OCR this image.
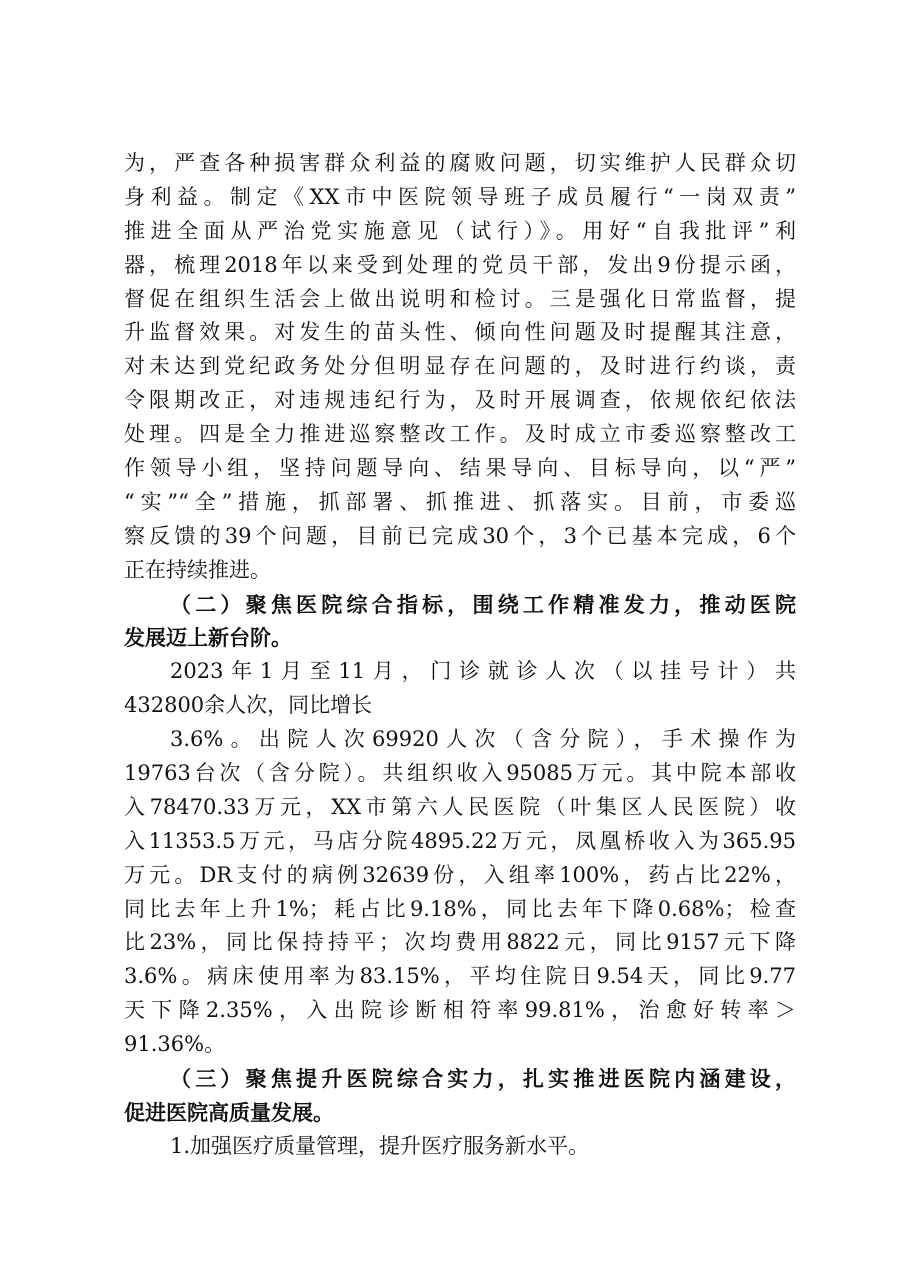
为，严查各种损害群众利益的腐败问题，切实维护人民群众切
身利益。制定《XX市中医院领导班子成员履行“一岗双责”
推进全面从严治党实施意见（试行）》。用好“自我批评”利
器，梳理2018年以来受到处理的党员干部，发出9份提示函，
督促在组织生活会上做出说明和检讨。三是强化日常监督，提
升监督效果。对发生的苗头性、倾向性问题及时提醒其注意，
对未达到党纪政务处分但明显存在问题的，及时进行约谈，责
令限期改正，对违规违纪行为，及时开展调查，依规依纪依法
处理。四是全力推进巡察整改工作。及时成立市委巡察整改工
作领导小组，坚持问题导向、结果导向、目标导向，以“严”
“实”“全”措施，抓部署、抓推进、抓落实。目前，市委巡
察反馈的39个问题，目前已完成30个，3个已基本完成，6个
正在持续推进。
（二）聚焦医院综合指标，围绕工作精准发力，推动医院
发展迈上新台阶。
2023年1月至11月，门诊就诊人次（以挂号计）共
432800余人次，同比增长
3.6%。出院人次69920人次（含分院），手术操作为
19763台次（含分院）。共组织收入95085万元。其中院本部收
入78470.33万元，XX市第六人民医院（叶集区人民医院）收
入11353.5万元，马店分院4895.22万元，凤凰桥收入为365.95
万元。DR支付的病例32639份，入组率100%，药占比22%，
同比去年上升1%；耗占比9.18%，同比去年下降0.68%；检查
比23%，同比保持持平；次均费用8822元，同比9157元下降
3.6%。病床使用率为83.15%，平均住院日9.54天，同比9.77
天下降2.35%，入出院诊断相符率99.81%，治愈好转率＞
91.36%。
（三）聚焦提升医院综合实力，扎实推进医院内涵建设，
促进医院高质量发展。
1.加强医疗质量管理，提升医疗服务新水平。
